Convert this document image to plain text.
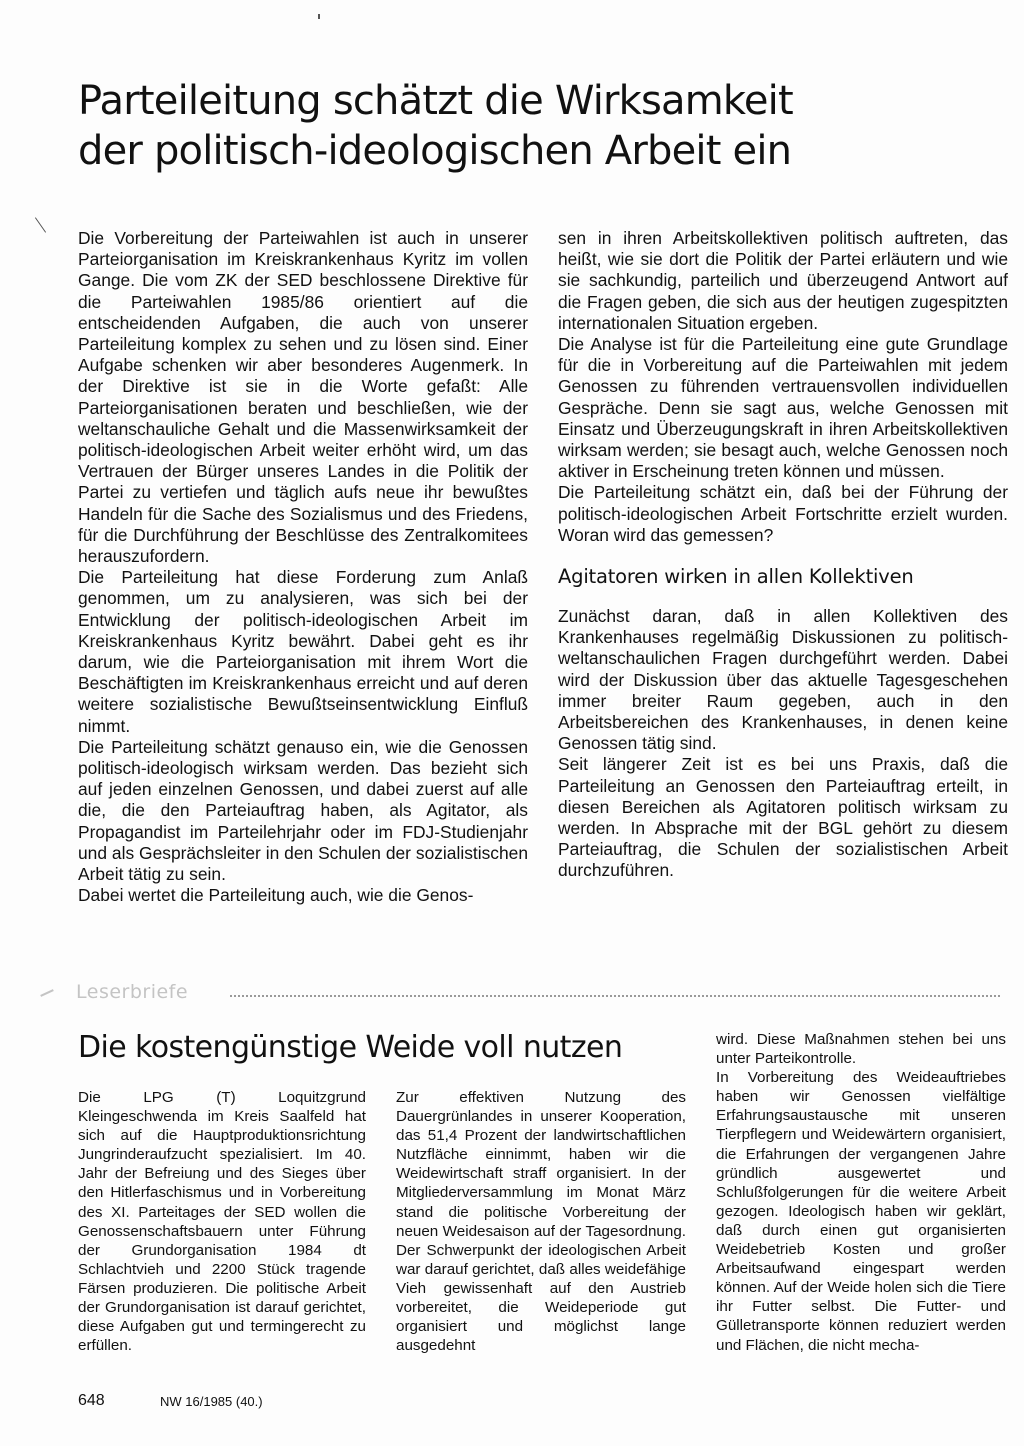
Parteileitung schätzt die Wirksamkeit
der politisch-ideologischen Arbeit ein

Die Vorbereitung der Parteiwahlen ist auch in unserer Parteiorganisation im Kreiskrankenhaus Kyritz im vollen Gange. Die vom ZK der SED beschlossene Direktive für die Parteiwahlen 1985/86 orientiert auf die entscheidenden Aufgaben, die auch von unserer Parteileitung komplex zu sehen und zu lösen sind. Einer Aufgabe schenken wir aber besonderes Augenmerk. In der Direktive ist sie in die Worte gefaßt: Alle Parteiorganisationen beraten und beschließen, wie der weltanschauliche Gehalt und die Massenwirksamkeit der politisch-ideologischen Arbeit weiter erhöht wird, um das Vertrauen der Bürger unseres Landes in die Politik der Partei zu vertiefen und täglich aufs neue ihr bewußtes Handeln für die Sache des Sozialismus und des Friedens, für die Durchführung der Beschlüsse des Zentralkomitees herauszufordern.

Die Parteileitung hat diese Forderung zum Anlaß genommen, um zu analysieren, was sich bei der Entwicklung der politisch-ideologischen Arbeit im Kreiskrankenhaus Kyritz bewährt. Dabei geht es ihr darum, wie die Parteiorganisation mit ihrem Wort die Beschäftigten im Kreiskrankenhaus erreicht und auf deren weitere sozialistische Bewußtseinsentwicklung Einfluß nimmt.

Die Parteileitung schätzt genauso ein, wie die Genossen politisch-ideologisch wirksam werden. Das bezieht sich auf jeden einzelnen Genossen, und dabei zuerst auf alle die, die den Parteiauftrag haben, als Agitator, als Propagandist im Parteilehrjahr oder im FDJ-Studienjahr und als Gesprächsleiter in den Schulen der sozialistischen Arbeit tätig zu sein.

Dabei wertet die Parteileitung auch, wie die Genos-

sen in ihren Arbeitskollektiven politisch auftreten, das heißt, wie sie dort die Politik der Partei erläutern und wie sie sachkundig, parteilich und überzeugend Antwort auf die Fragen geben, die sich aus der heutigen zugespitzten internationalen Situation ergeben.

Die Analyse ist für die Parteileitung eine gute Grundlage für die in Vorbereitung auf die Parteiwahlen mit jedem Genossen zu führenden vertrauensvollen individuellen Gespräche. Denn sie sagt aus, welche Genossen mit Einsatz und Überzeugungskraft in ihren Arbeitskollektiven wirksam werden; sie besagt auch, welche Genossen noch aktiver in Erscheinung treten können und müssen.

Die Parteileitung schätzt ein, daß bei der Führung der politisch-ideologischen Arbeit Fortschritte erzielt wurden. Woran wird das gemessen?

Agitatoren wirken in allen Kollektiven

Zunächst daran, daß in allen Kollektiven des Krankenhauses regelmäßig Diskussionen zu politisch-weltanschaulichen Fragen durchgeführt werden. Dabei wird der Diskussion über das aktuelle Tagesgeschehen immer breiter Raum gegeben, auch in den Arbeitsbereichen des Krankenhauses, in denen keine Genossen tätig sind.

Seit längerer Zeit ist es bei uns Praxis, daß die Parteileitung an Genossen den Parteiauftrag erteilt, in diesen Bereichen als Agitatoren politisch wirksam zu werden. In Absprache mit der BGL gehört zu diesem Parteiauftrag, die Schulen der sozialistischen Arbeit durchzuführen.

Leserbriefe
Die kostengünstige Weide voll nutzen

Die LPG (T) Loquitzgrund Kleingeschwenda im Kreis Saalfeld hat sich auf die Hauptproduktionsrichtung Jungrinderaufzucht spezialisiert. Im 40. Jahr der Befreiung und des Sieges über den Hitlerfaschismus und in Vorbereitung des XI. Parteitages der SED wollen die Genossenschaftsbauern unter Führung der Grundorganisation 1984 dt Schlachtvieh und 2200 Stück tragende Färsen produzieren. Die politische Arbeit der Grundorganisation ist darauf gerichtet, diese Aufgaben gut und termingerecht zu erfüllen.

Zur effektiven Nutzung des Dauergrünlandes in unserer Kooperation, das 51,4 Prozent der landwirtschaftlichen Nutzfläche einnimmt, haben wir die Weidewirtschaft straff organisiert. In der Mitgliederversammlung im Monat März stand die politische Vorbereitung der neuen Weidesaison auf der Tagesordnung. Der Schwerpunkt der ideologischen Arbeit war darauf gerichtet, daß alles weidefähige Vieh gewissenhaft auf den Austrieb vorbereitet, die Weideperiode gut organisiert und möglichst lange ausgedehnt

wird. Diese Maßnahmen stehen bei uns unter Parteikontrolle.

In Vorbereitung des Weideauftriebes haben wir Genossen vielfältige Erfahrungsaustausche mit unseren Tierpflegern und Weidewärtern organisiert, die Erfahrungen der vergangenen Jahre gründlich ausgewertet und Schlußfolgerungen für die weitere Arbeit gezogen. Ideologisch haben wir geklärt, daß durch einen gut organisierten Weidebetrieb Kosten und großer Arbeitsaufwand eingespart werden können. Auf der Weide holen sich die Tiere ihr Futter selbst. Die Futter- und Gülletransporte können reduziert werden und Flächen, die nicht mecha-

648	NW 16/1985 (40.)
